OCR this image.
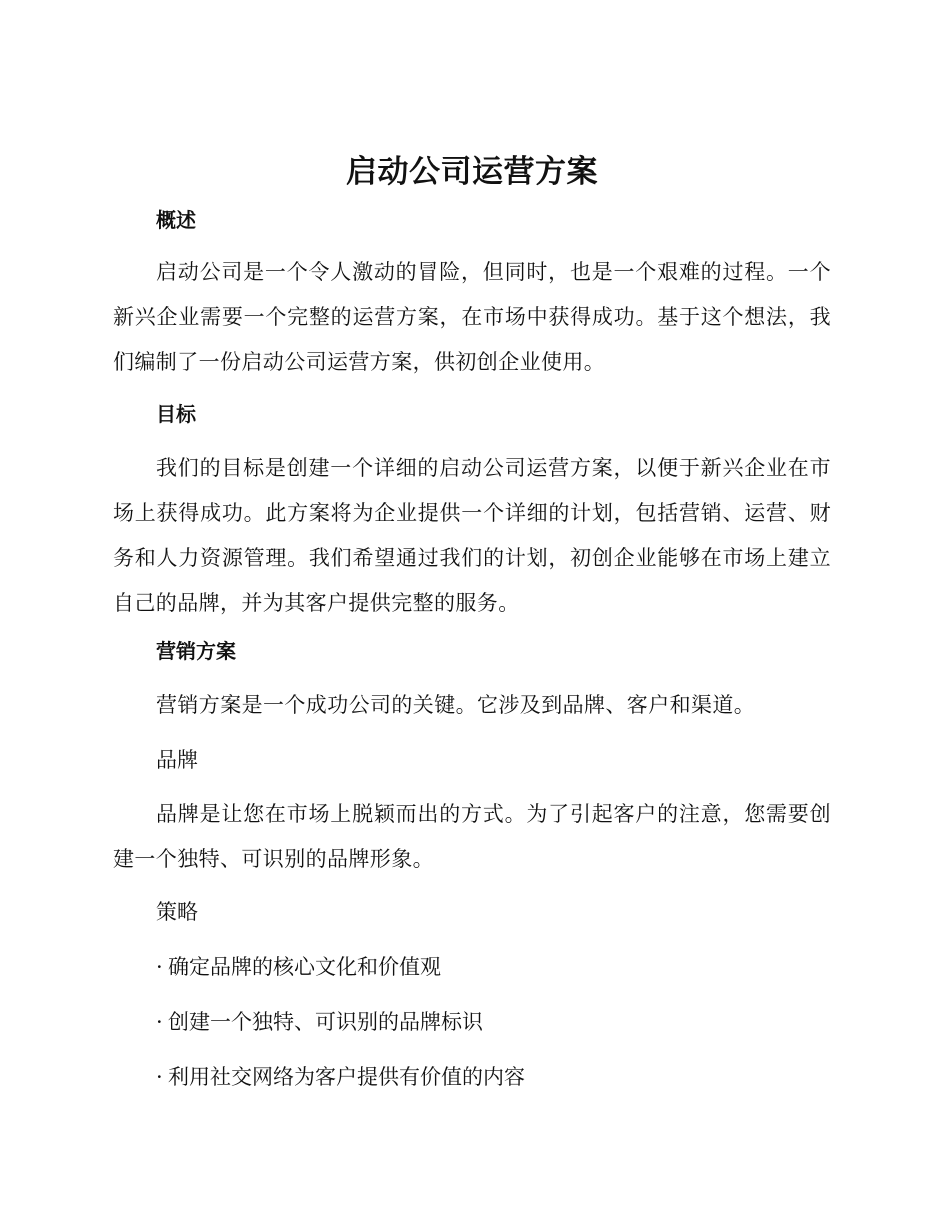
启动公司运营方案
概述
启动公司是一个令人激动的冒险，但同时，也是一个艰难的过程。一个新兴企业需要一个完整的运营方案，在市场中获得成功。基于这个想法，我们编制了一份启动公司运营方案，供初创企业使用。
目标
我们的目标是创建一个详细的启动公司运营方案，以便于新兴企业在市场上获得成功。此方案将为企业提供一个详细的计划，包括营销、运营、财务和人力资源管理。我们希望通过我们的计划，初创企业能够在市场上建立自己的品牌，并为其客户提供完整的服务。
营销方案
营销方案是一个成功公司的关键。它涉及到品牌、客户和渠道。
品牌
品牌是让您在市场上脱颖而出的方式。为了引起客户的注意，您需要创建一个独特、可识别的品牌形象。
策略
· 确定品牌的核心文化和价值观
· 创建一个独特、可识别的品牌标识
· 利用社交网络为客户提供有价值的内容
